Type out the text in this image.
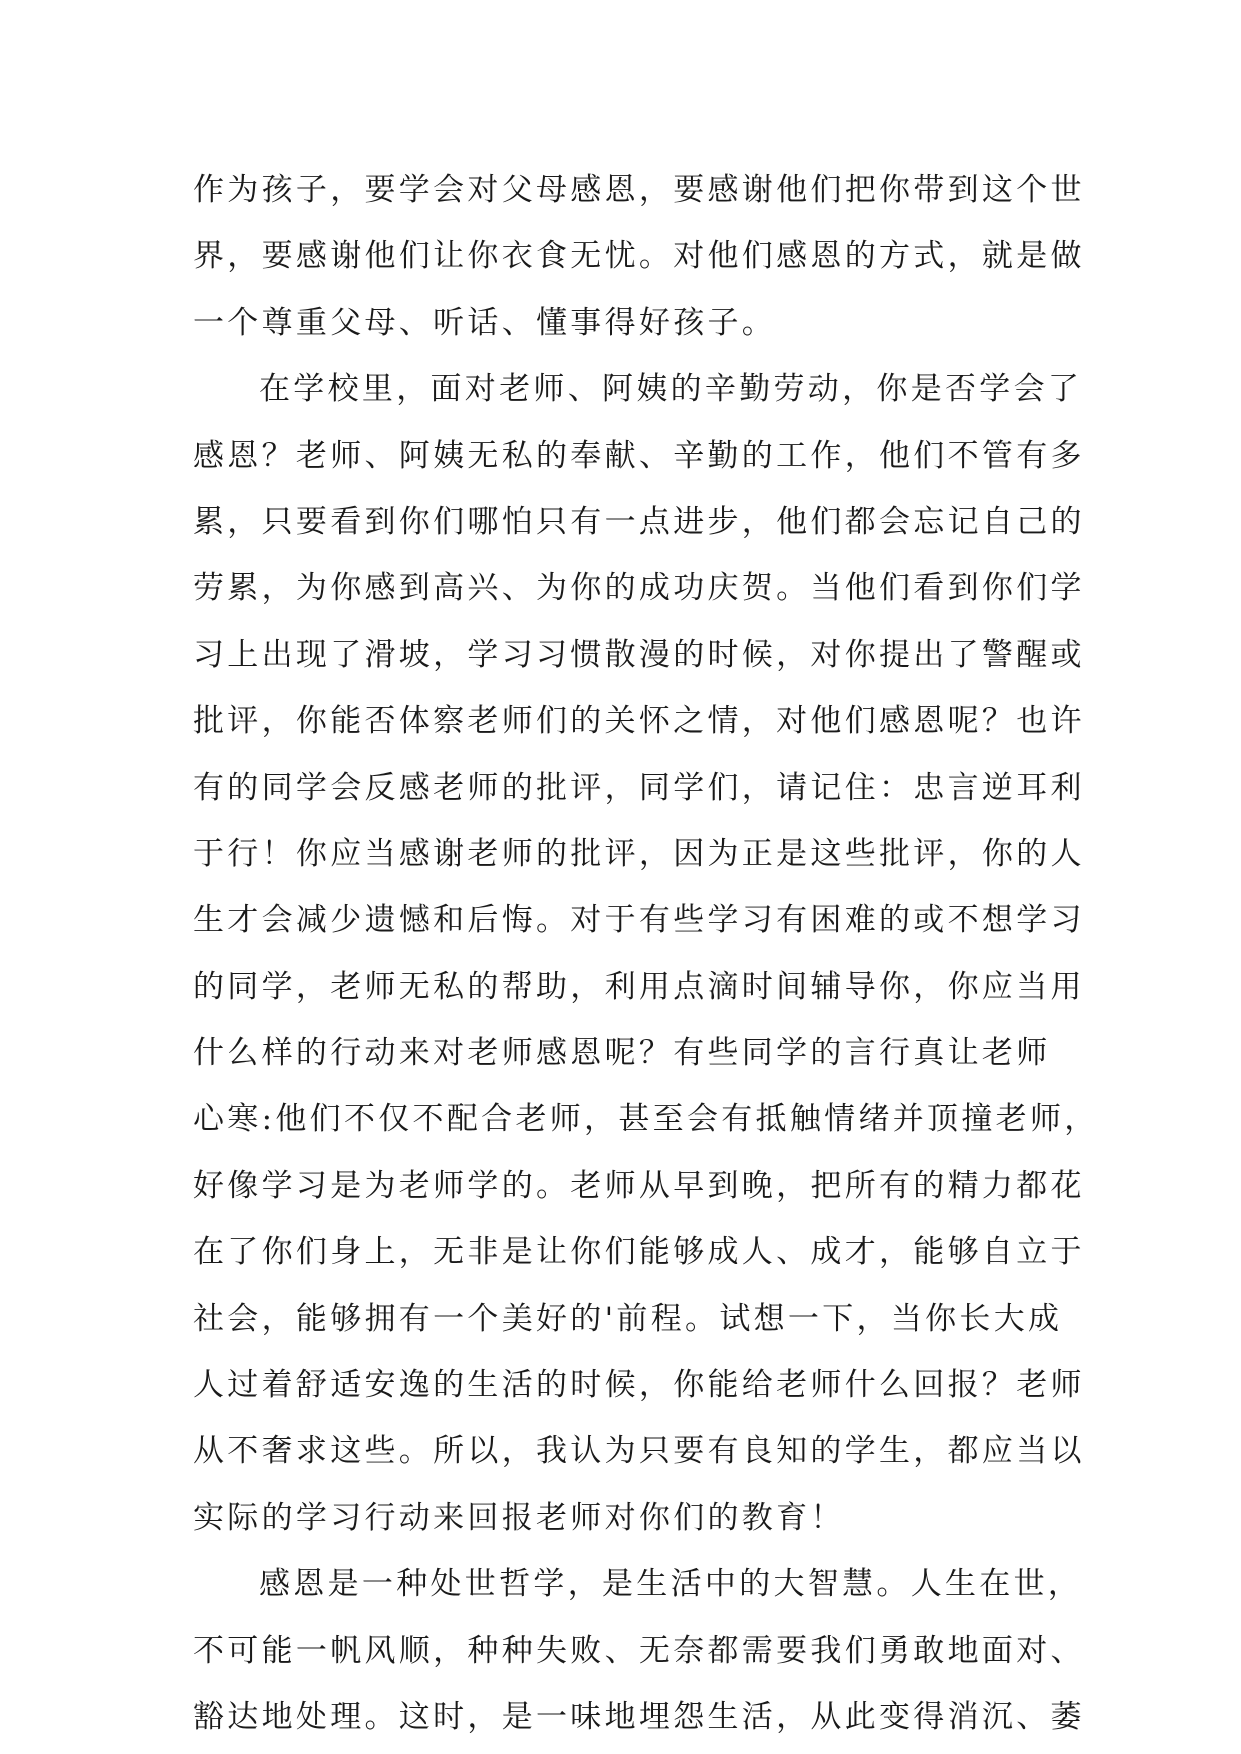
作为孩子，要学会对父母感恩，要感谢他们把你带到这个世
界，要感谢他们让你衣食无忧。对他们感恩的方式，就是做
一个尊重父母、听话、懂事得好孩子。
在学校里，面对老师、阿姨的辛勤劳动，你是否学会了
感恩？老师、阿姨无私的奉献、辛勤的工作，他们不管有多
累，只要看到你们哪怕只有一点进步，他们都会忘记自己的
劳累，为你感到高兴、为你的成功庆贺。当他们看到你们学
习上出现了滑坡，学习习惯散漫的时候，对你提出了警醒或
批评，你能否体察老师们的关怀之情，对他们感恩呢？也许
有的同学会反感老师的批评，同学们，请记住：忠言逆耳利
于行！你应当感谢老师的批评，因为正是这些批评，你的人
生才会减少遗憾和后悔。对于有些学习有困难的或不想学习
的同学，老师无私的帮助，利用点滴时间辅导你，你应当用
什么样的行动来对老师感恩呢？有些同学的言行真让老师
心寒:他们不仅不配合老师，甚至会有抵触情绪并顶撞老师，
好像学习是为老师学的。老师从早到晚，把所有的精力都花
在了你们身上，无非是让你们能够成人、成才，能够自立于
社会，能够拥有一个美好的'前程。试想一下，当你长大成
人过着舒适安逸的生活的时候，你能给老师什么回报？老师
从不奢求这些。所以，我认为只要有良知的学生，都应当以
实际的学习行动来回报老师对你们的教育！
感恩是一种处世哲学，是生活中的大智慧。人生在世，
不可能一帆风顺，种种失败、无奈都需要我们勇敢地面对、
豁达地处理。这时，是一味地埋怨生活，从此变得消沉、萎
